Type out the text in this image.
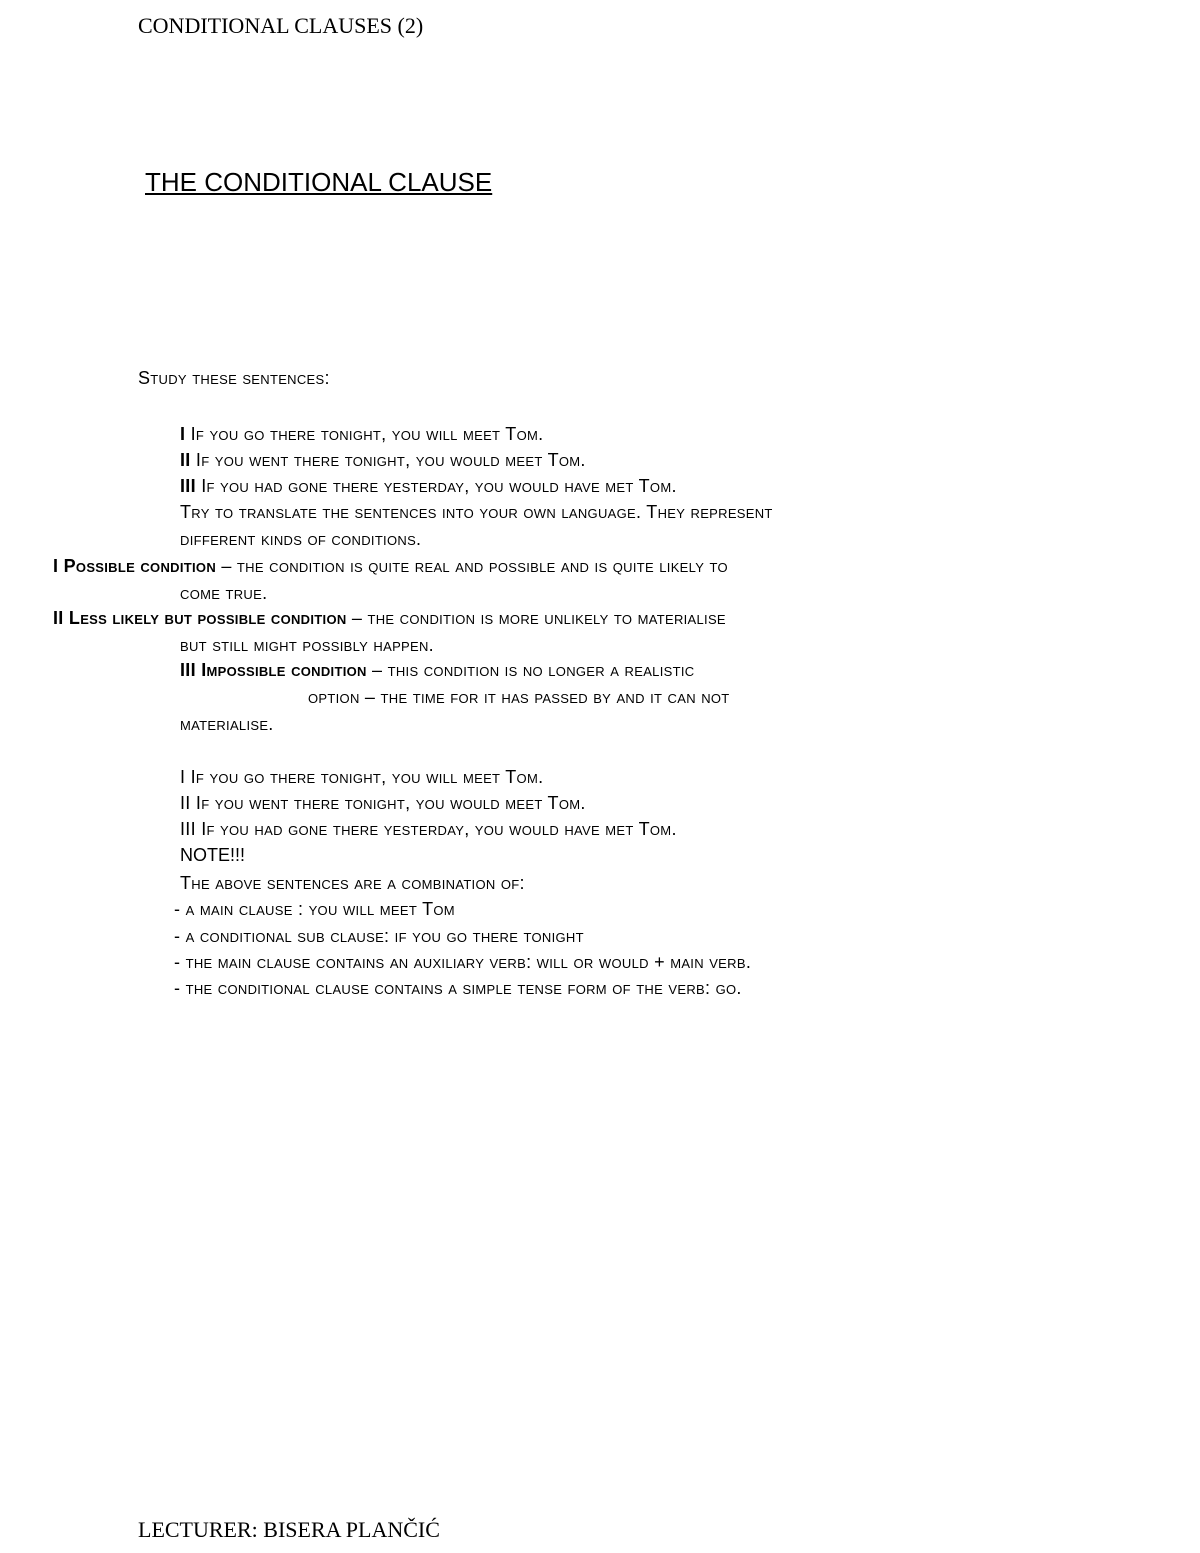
CONDITIONAL CLAUSES (2)
THE CONDITIONAL CLAUSE
Study these sentences:
I If you go there tonight, you will meet Tom.
II If you went there tonight, you would meet Tom.
III If you had gone there yesterday, you would have met Tom.
Try to translate the sentences into your own language. They represent
different kinds of conditions.
I Possible condition – the condition is quite real and possible and is quite likely to
come true.
II Less likely but possible condition – the condition is more unlikely to materialise
but still might possibly happen.
III Impossible condition – this condition is no longer a realistic
option – the time for it has passed by and it can not
materialise.
I If you go there tonight, you will meet Tom.
II If you went there tonight, you would meet Tom.
III If you had gone there yesterday, you would have met Tom.
NOTE!!!
The above sentences are a combination of:
- a main clause : you will meet Tom
- a conditional sub clause: if you go there tonight
- the main clause contains an auxiliary verb: will or would + main verb.
- the conditional clause contains a simple tense form of the verb: go.
LECTURER: BISERA PLANČIĆ
